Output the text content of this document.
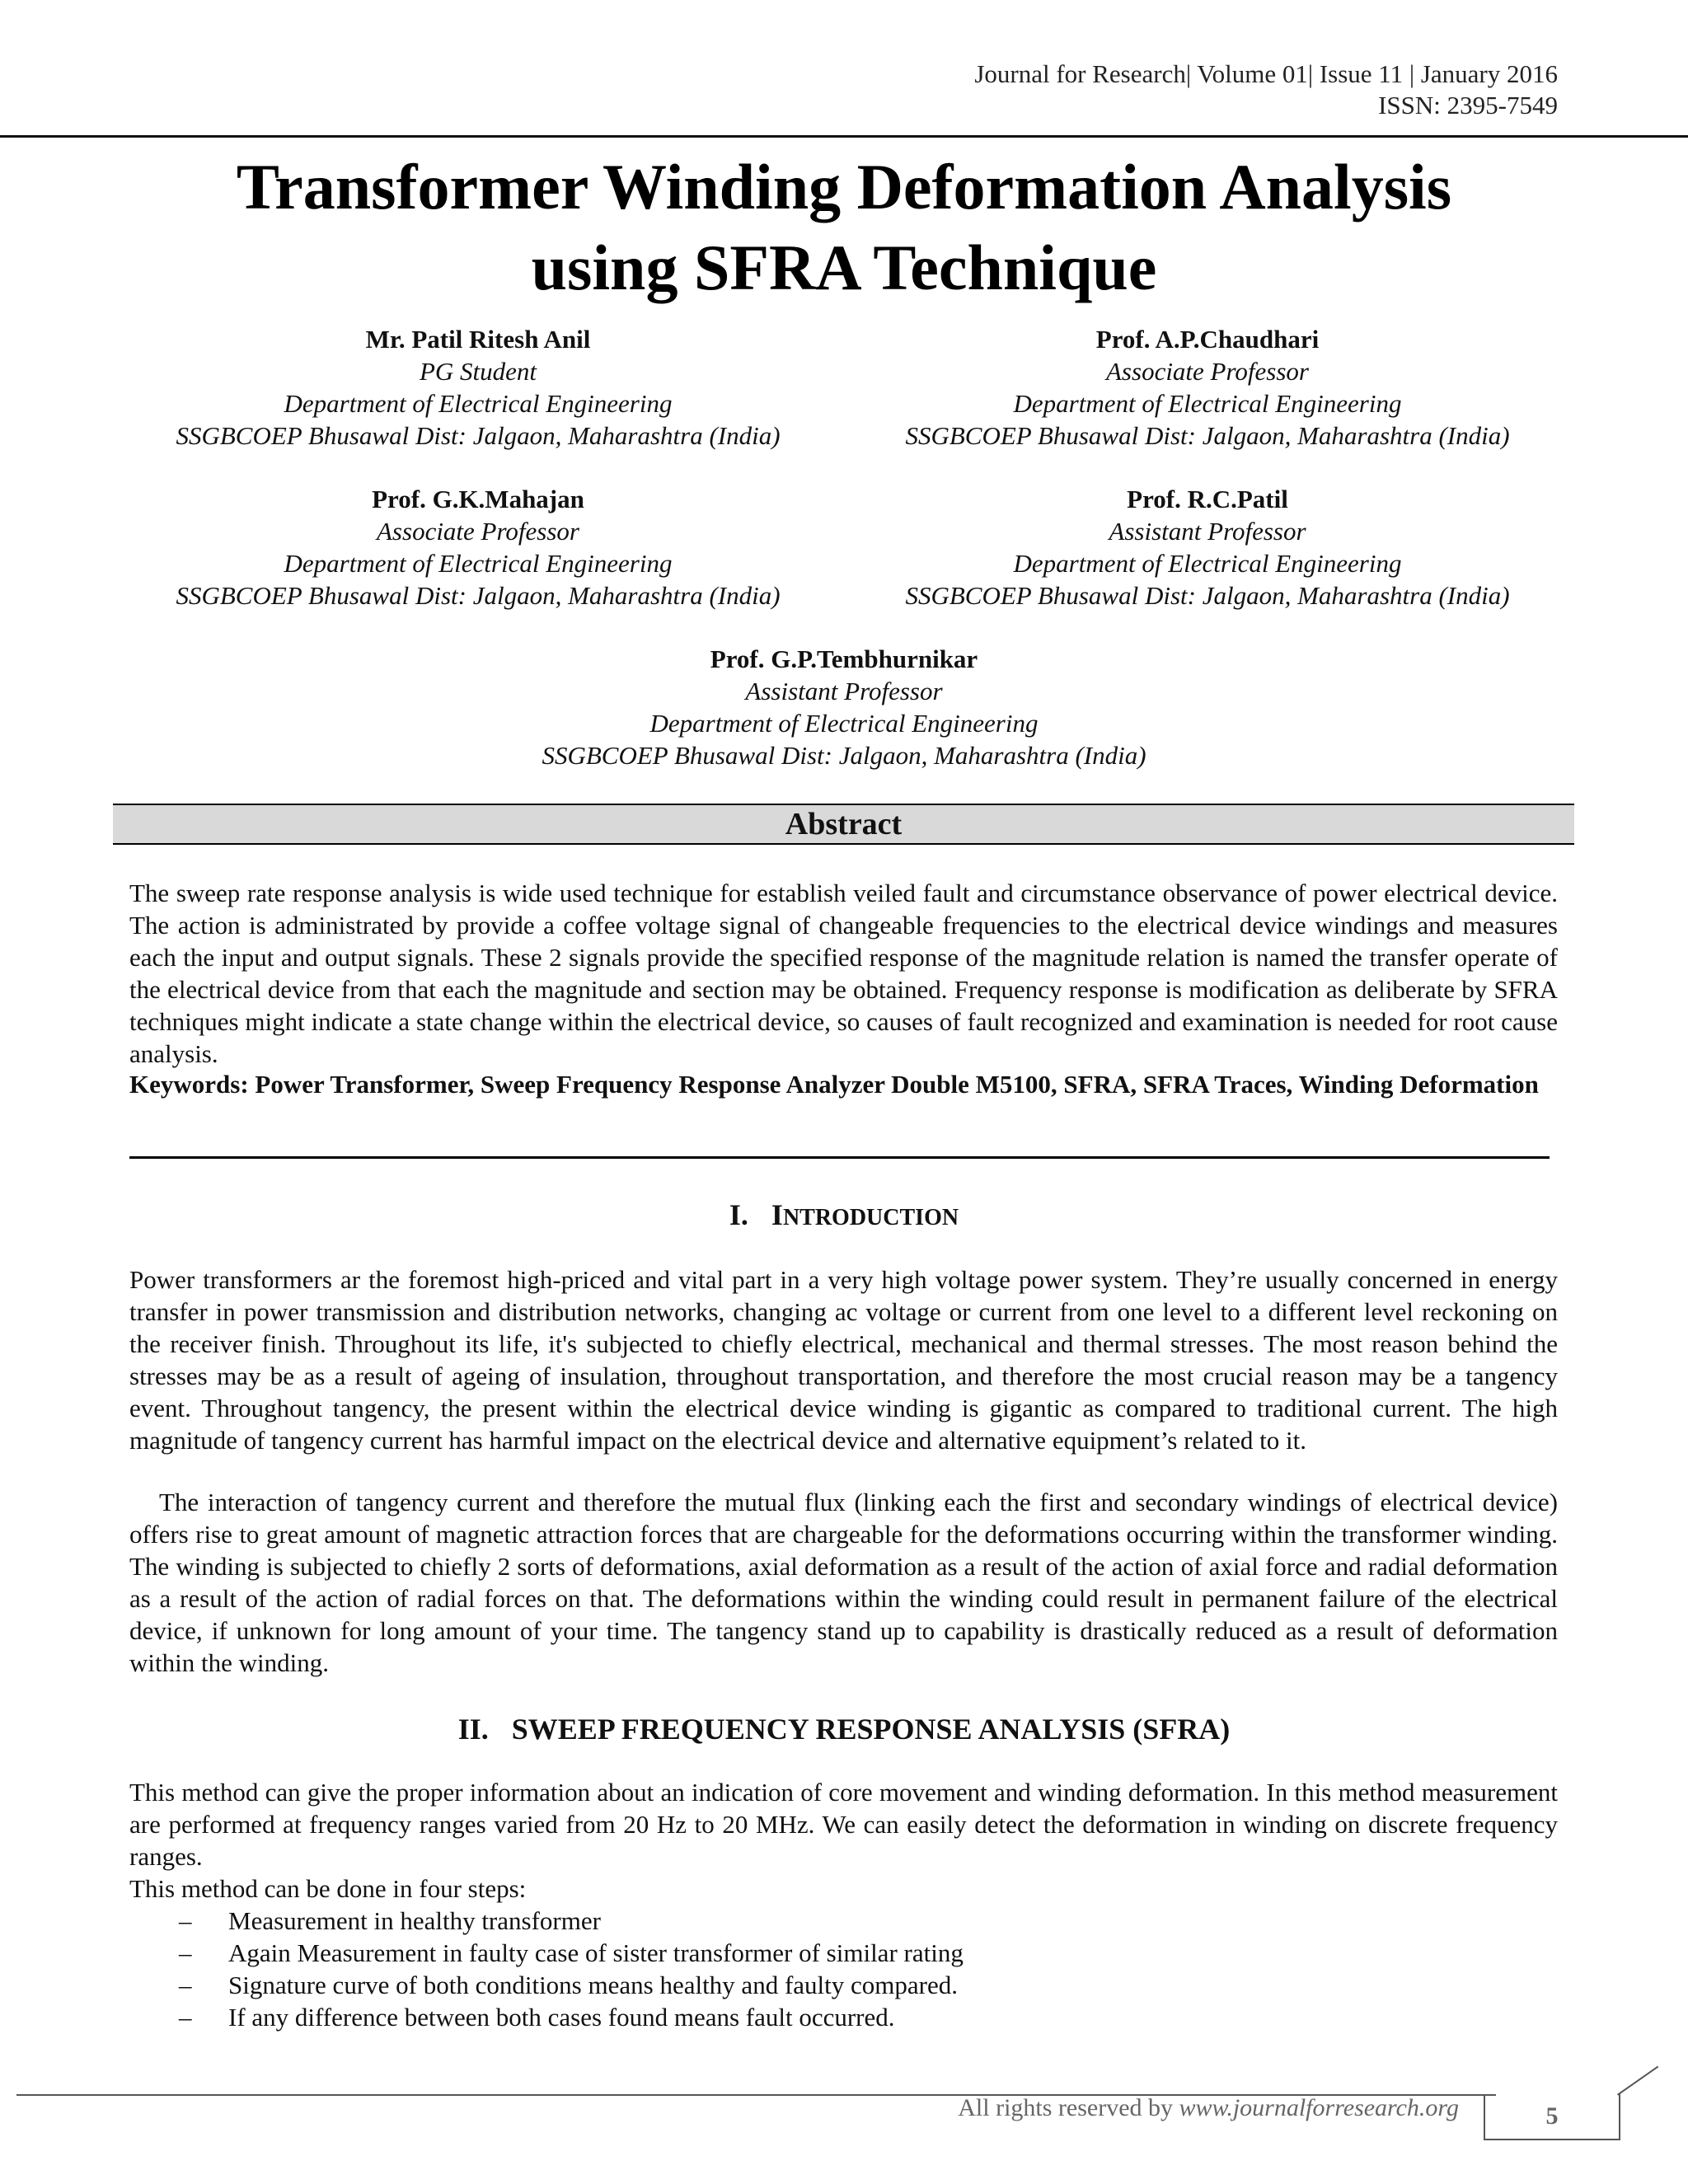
Journal for Research| Volume 01| Issue 11 | January 2016
ISSN: 2395-7549
Transformer Winding Deformation Analysis
using SFRA Technique
Mr. Patil Ritesh Anil
PG Student
Department of Electrical Engineering
SSGBCOEP Bhusawal Dist: Jalgaon, Maharashtra (India)
Prof. A.P.Chaudhari
Associate Professor
Department of Electrical Engineering
SSGBCOEP Bhusawal Dist: Jalgaon, Maharashtra (India)
Prof. G.K.Mahajan
Associate Professor
Department of Electrical Engineering
SSGBCOEP Bhusawal Dist: Jalgaon, Maharashtra (India)
Prof. R.C.Patil
Assistant Professor
Department of Electrical Engineering
SSGBCOEP Bhusawal Dist: Jalgaon, Maharashtra (India)
Prof. G.P.Tembhurnikar
Assistant Professor
Department of Electrical Engineering
SSGBCOEP Bhusawal Dist: Jalgaon, Maharashtra (India)
Abstract
The sweep rate response analysis is wide used technique for establish veiled fault and circumstance observance of power electrical device. The action is administrated by provide a coffee voltage signal of changeable frequencies to the electrical device windings and measures each the input and output signals. These 2 signals provide the specified response of the magnitude relation is named the transfer operate of the electrical device from that each the magnitude and section may be obtained. Frequency response is modification as deliberate by SFRA techniques might indicate a state change within the electrical device, so causes of fault recognized and examination is needed for root cause analysis.
Keywords: Power Transformer, Sweep Frequency Response Analyzer Double M5100, SFRA, SFRA Traces, Winding Deformation
I. INTRODUCTION
Power transformers ar the foremost high-priced and vital part in a very high voltage power system. They’re usually concerned in energy transfer in power transmission and distribution networks, changing ac voltage or current from one level to a different level reckoning on the receiver finish. Throughout its life, it's subjected to chiefly electrical, mechanical and thermal stresses. The most reason behind the stresses may be as a result of ageing of insulation, throughout transportation, and therefore the most crucial reason may be a tangency event. Throughout tangency, the present within the electrical device winding is gigantic as compared to traditional current. The high magnitude of tangency current has harmful impact on the electrical device and alternative equipment’s related to it.
The interaction of tangency current and therefore the mutual flux (linking each the first and secondary windings of electrical device) offers rise to great amount of magnetic attraction forces that are chargeable for the deformations occurring within the transformer winding. The winding is subjected to chiefly 2 sorts of deformations, axial deformation as a result of the action of axial force and radial deformation as a result of the action of radial forces on that. The deformations within the winding could result in permanent failure of the electrical device, if unknown for long amount of your time. The tangency stand up to capability is drastically reduced as a result of deformation within the winding.
II. SWEEP FREQUENCY RESPONSE ANALYSIS (SFRA)
This method can give the proper information about an indication of core movement and winding deformation. In this method measurement are performed at frequency ranges varied from 20 Hz to 20 MHz. We can easily detect the deformation in winding on discrete frequency ranges.
This method can be done in four steps:
– Measurement in healthy transformer
– Again Measurement in faulty case of sister transformer of similar rating
– Signature curve of both conditions means healthy and faulty compared.
– If any difference between both cases found means fault occurred.
All rights reserved by www.journalforresearch.org	5
